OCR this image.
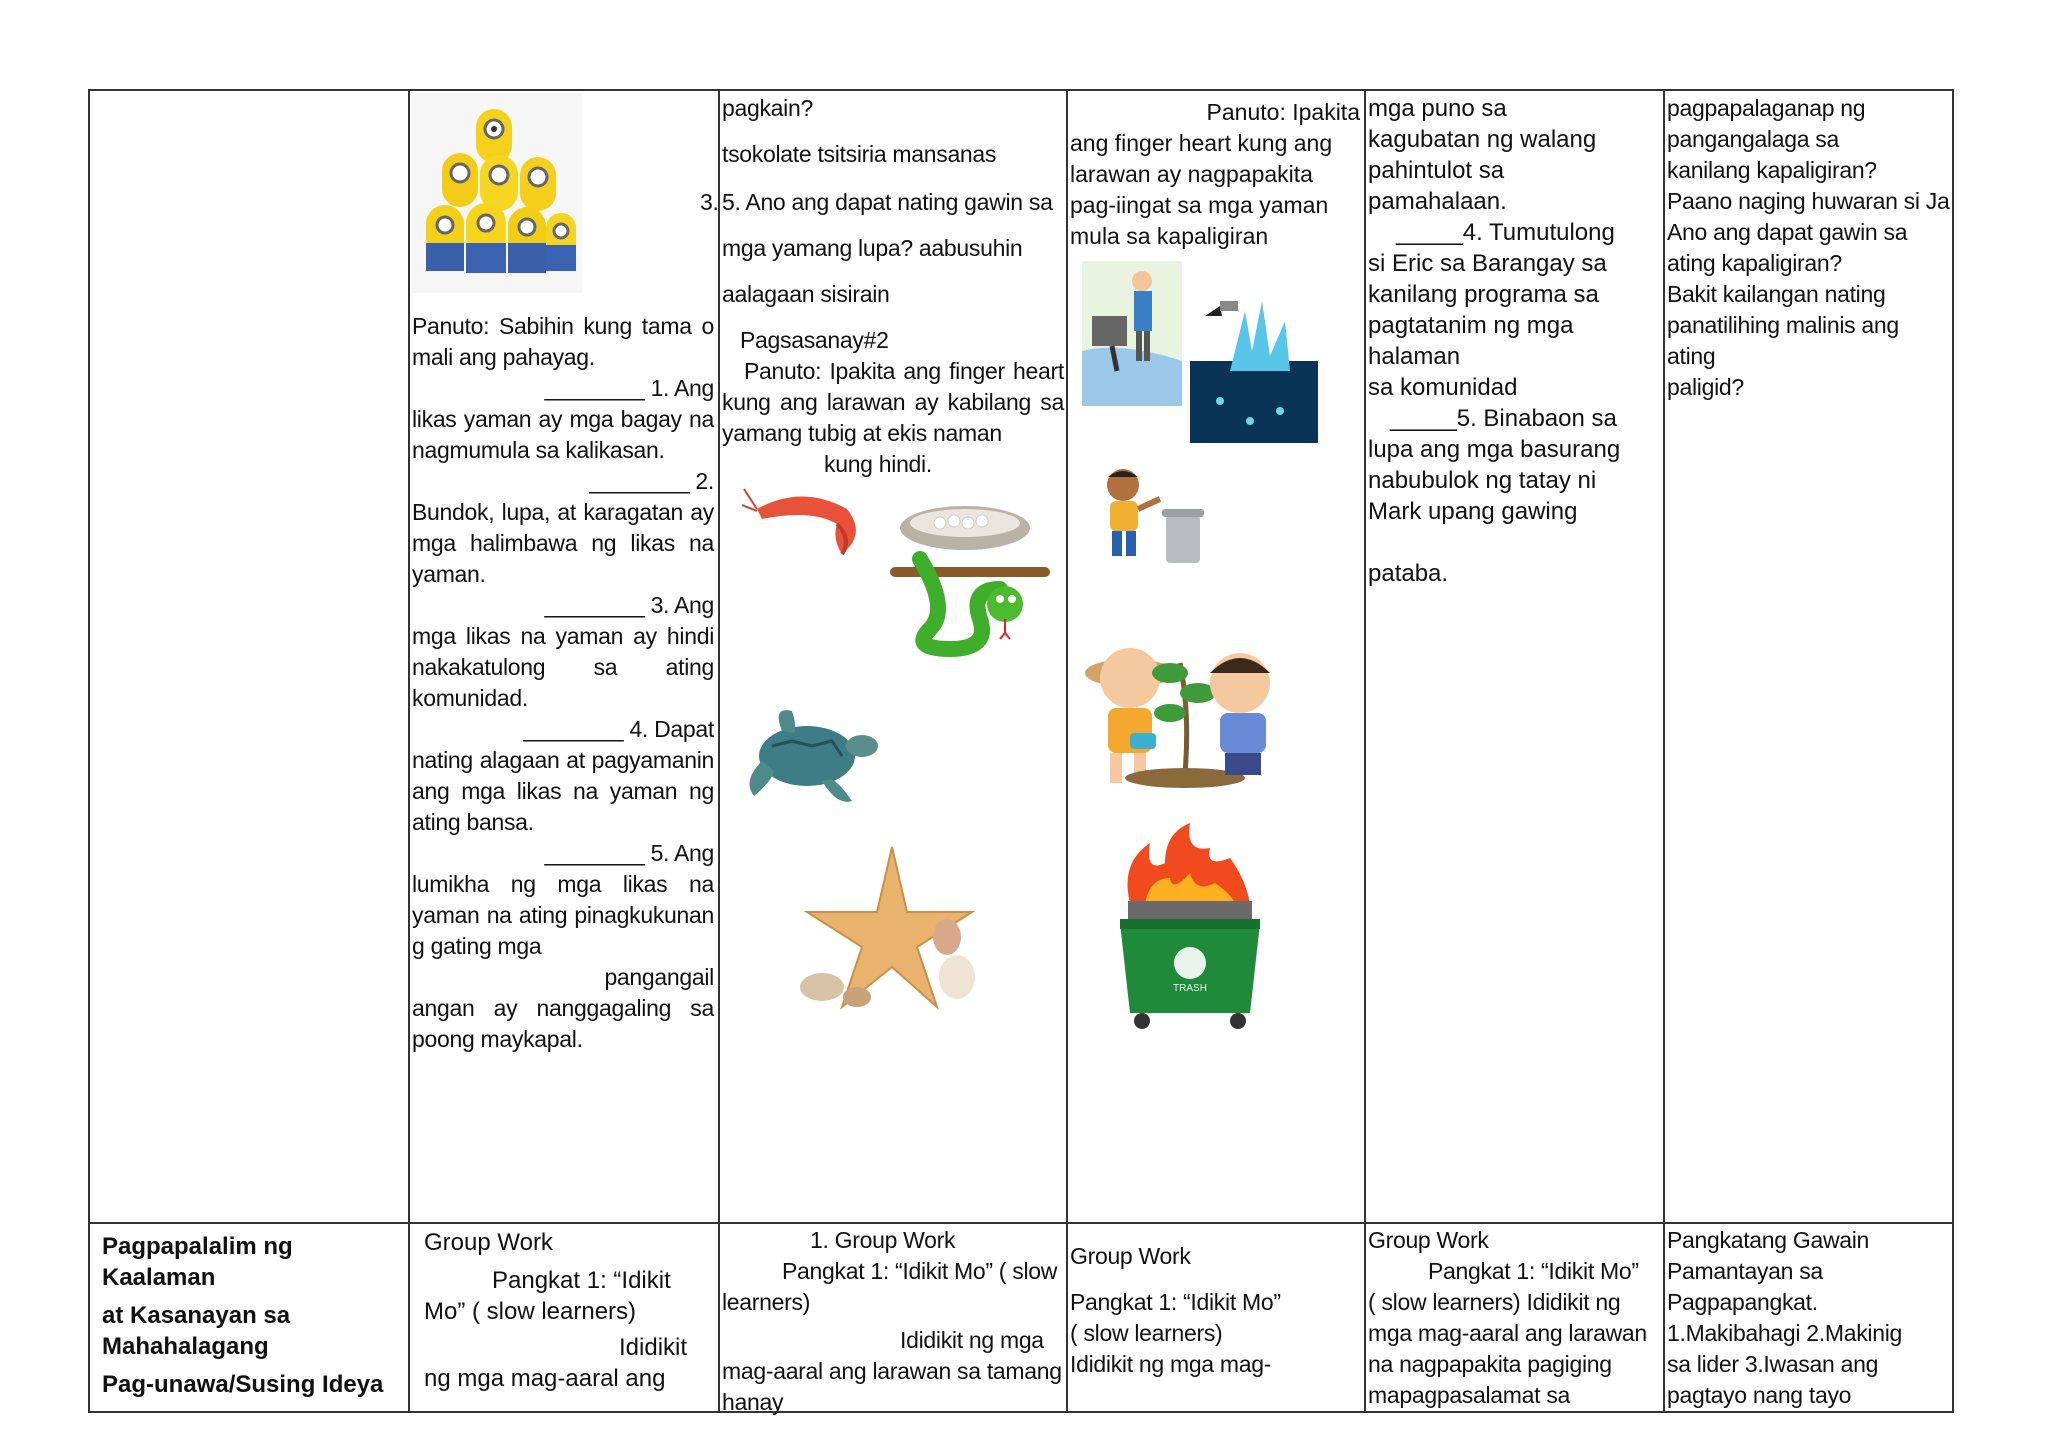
Panuto: Sabihin kung tama o mali ang pahayag.

________ 1. Ang

likas yaman ay mga bagay na nagmumula sa kalikasan.

________ 2.

Bundok, lupa, at karagatan ay mga halimbawa ng likas na yaman.

________ 3. Ang

mga likas na yaman ay hindi nakakatulong sa ating komunidad.

________ 4. Dapat

nating alagaan at pagyamanin ang mga likas na yaman ng ating bansa.

________ 5. Ang

lumikha ng mga likas na yaman na ating pinagkukunan g gating mga

pangangail

angan ay nanggagaling sa poong maykapal.

pagkain?

tsokolate tsitsiria mansanas

3. 5. Ano ang dapat nating gawin sa

mga yamang lupa? aabusuhin

aalagaan sisirain

Pagsasanay#2

Panuto: Ipakita ang finger heart kung ang larawan ay kabilang sa yamang tubig at ekis naman

kung hindi.

Panuto: Ipakita

ang finger heart kung ang larawan ay nagpapakita pag-iingat sa mga yaman mula sa kapaligiran

TRASH

mga puno sa

kagubatan ng walang

pahintulot sa

pamahalaan.

_____4. Tumutulong

si Eric sa Barangay sa

kanilang programa sa

pagtatanim ng mga

halaman

sa komunidad

_____5. Binabaon sa

lupa ang mga basurang

nabubulok ng tatay ni

Mark upang gawing

pataba.

pagpapalaganap ng

pangangalaga sa

kanilang kapaligiran?

Paano naging huwaran si Ja

Ano ang dapat gawin sa

ating kapaligiran?

Bakit kailangan nating

panatilihing malinis ang ating

paligid?

Pagpapalalim ng

Kaalaman

at Kasanayan sa

Mahahalagang

Pag-unawa/Susing Ideya

Group Work

Pangkat 1: “Idikit

Mo” ( slow learners)

Ididikit

ng mga mag-aaral ang

1. Group Work

Pangkat 1: “Idikit Mo” ( slow

learners)

Ididikit ng mga

mag-aaral ang larawan sa tamang

hanay

Group Work

Pangkat 1: “Idikit Mo”

( slow learners)

Ididikit ng mga mag-

Group Work

Pangkat 1: “Idikit Mo”

( slow learners) Ididikit ng

mga mag-aaral ang larawan

na nagpapakita pagiging

mapagpasalamat sa

Pangkatang Gawain

Pamantayan sa

Pagpapangkat.

1.Makibahagi 2.Makinig

sa lider 3.Iwasan ang

pagtayo nang tayo
